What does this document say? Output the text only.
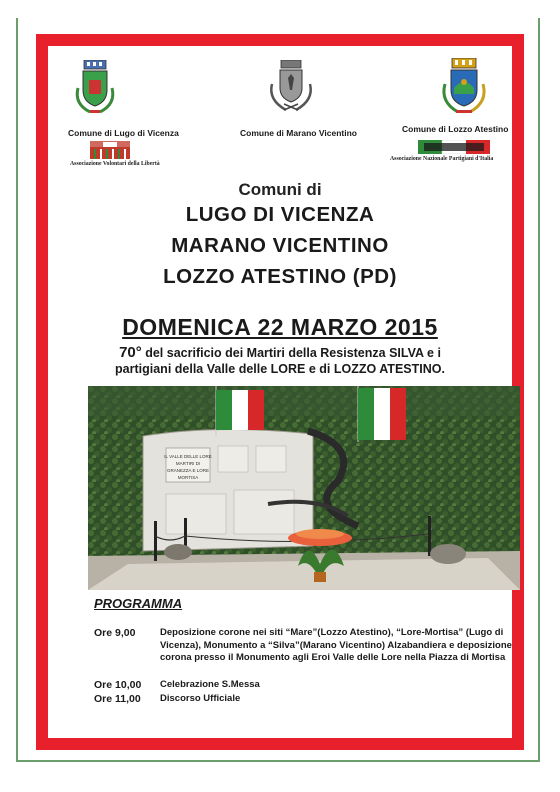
Comune di Lugo di Vicenza	Comune di Marano Vicentino	Comune di Lozzo Atestino
Associazione Volontari della Libertà
Associazione Nazionale Partigiani d'Italia
Comuni di
LUGO DI VICENZA
MARANO VICENTINO
LOZZO ATESTINO (PD)
DOMENICA 22 MARZO 2015
70° del sacrificio dei Martiri della Resistenza SILVA e i
partigiani della Valle delle LORE e di LOZZO ATESTINO.
IL VALLE DELLE LORE
MARTIRI DI
GRANEZZA E LORE
MORTISA
PROGRAMMA
Ore 9,00	Deposizione corone nei siti “Mare”(Lozzo Atestino), “Lore-Mortisa” (Lugo di Vicenza), Monumento a “Silva”(Marano Vicentino) Alzabandiera e deposizione corona presso il Monumento agli Eroi Valle delle Lore nella Piazza di Mortisa
Ore 10,00	Celebrazione S.Messa
Ore 11,00	Discorso Ufficiale
